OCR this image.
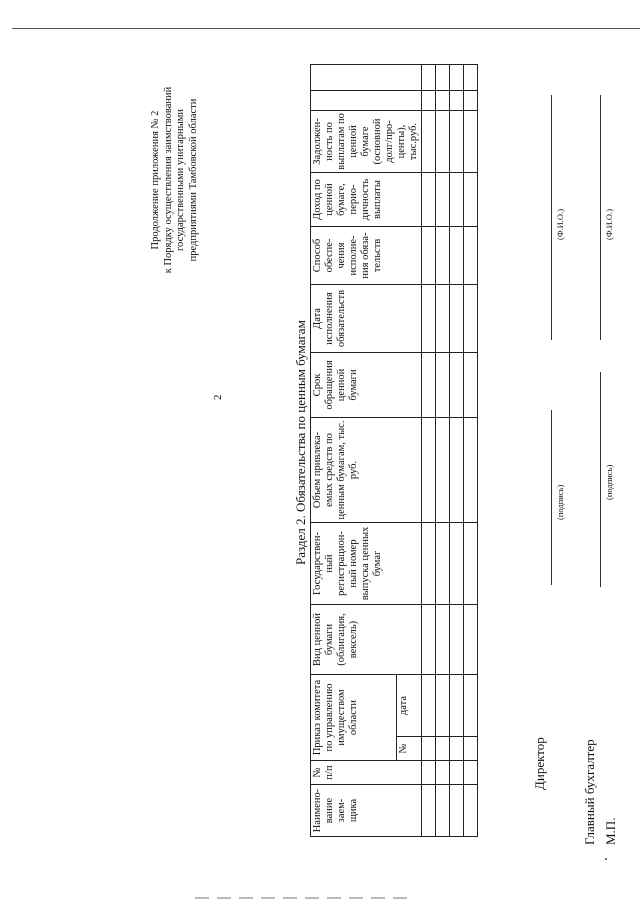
Продолжение приложения № 2 к Порядку осуществления заимствований государственными унитарными предприятиями Тамбовской области
2	Раздел 2. Обязательства по ценным бумагам
Наимено- вание заем- щика	№ п/п	Приказ комитета по управлению имуществом области		Вид ценной бумаги (облигация, вексель)	Государствен- ный регистрацион- ный номер выпуска ценных бумаг	Объем привлека- емых средств по ценным бумагам, тыс. руб.	Срок обращения ценной бумаги	Дата исполнения обязательств	Способ обеспе- чения исполне- ния обяза- тельств	Доход по ценной бумаге, перио- дичность выплаты	Задолжен- ность по выплатам по ценной бумаге (основной долг/про- центы), тыс.руб.		
		№	дата										

Директор
(подпись)
(Ф.И.О.)
Главный бухгалтер
(подпись)
(Ф.И.О.)
М.П.
